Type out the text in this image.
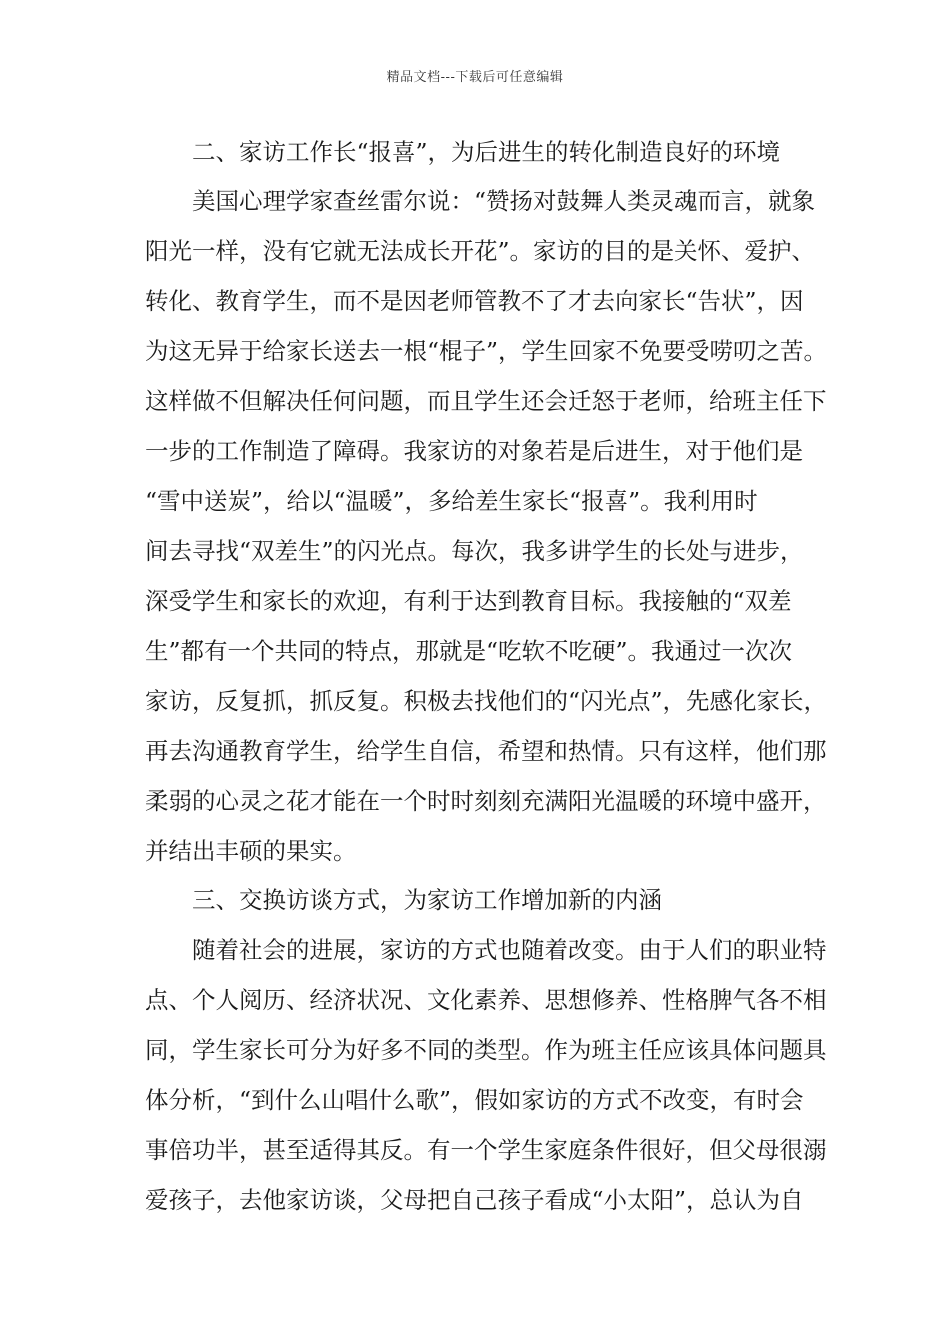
精品文档---下载后可任意编辑
二、家访工作长“报喜”，为后进生的转化制造良好的环境
美国心理学家查丝雷尔说：“赞扬对鼓舞人类灵魂而言，就象
阳光一样，没有它就无法成长开花”。家访的目的是关怀、爱护、
转化、教育学生，而不是因老师管教不了才去向家长“告状”，因
为这无异于给家长送去一根“棍子”，学生回家不免要受唠叨之苦。
这样做不但解决任何问题，而且学生还会迁怒于老师，给班主任下
一步的工作制造了障碍。我家访的对象若是后进生，对于他们是
“雪中送炭”，给以“温暖”，多给差生家长“报喜”。我利用时
间去寻找“双差生”的闪光点。每次，我多讲学生的长处与进步，
深受学生和家长的欢迎，有利于达到教育目标。我接触的“双差
生”都有一个共同的特点，那就是“吃软不吃硬”。我通过一次次
家访，反复抓，抓反复。积极去找他们的“闪光点”，先感化家长，
再去沟通教育学生，给学生自信，希望和热情。只有这样，他们那
柔弱的心灵之花才能在一个时时刻刻充满阳光温暖的环境中盛开，
并结出丰硕的果实。
三、交换访谈方式，为家访工作增加新的内涵
随着社会的进展，家访的方式也随着改变。由于人们的职业特
点、个人阅历、经济状况、文化素养、思想修养、性格脾气各不相
同，学生家长可分为好多不同的类型。作为班主任应该具体问题具
体分析，“到什么山唱什么歌”，假如家访的方式不改变，有时会
事倍功半，甚至适得其反。有一个学生家庭条件很好，但父母很溺
爱孩子，去他家访谈，父母把自己孩子看成“小太阳”，总认为自
